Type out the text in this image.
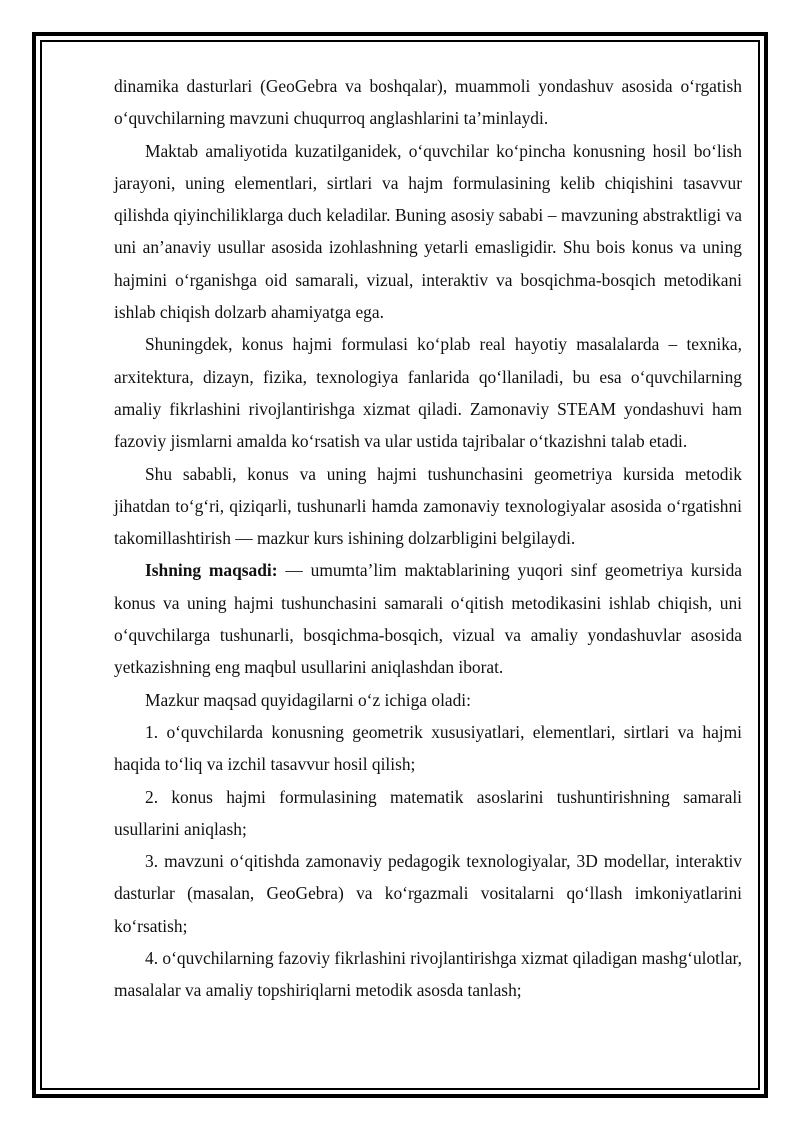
dinamika dasturlari (GeoGebra va boshqalar), muammoli yondashuv asosida o‘rgatish o‘quvchilarning mavzuni chuqurroq anglashlarini ta’minlaydi.

Maktab amaliyotida kuzatilganidek, o‘quvchilar ko‘pincha konusning hosil bo‘lish jarayoni, uning elementlari, sirtlari va hajm formulasining kelib chiqishini tasavvur qilishda qiyinchiliklarga duch keladilar. Buning asosiy sababi – mavzuning abstraktligi va uni an’anaviy usullar asosida izohlashning yetarli emasligidir. Shu bois konus va uning hajmini o‘rganishga oid samarali, vizual, interaktiv va bosqichma-bosqich metodikani ishlab chiqish dolzarb ahamiyatga ega.

Shuningdek, konus hajmi formulasi ko‘plab real hayotiy masalalarda – texnika, arxitektura, dizayn, fizika, texnologiya fanlarida qo‘llaniladi, bu esa o‘quvchilarning amaliy fikrlashini rivojlantirishga xizmat qiladi. Zamonaviy STEAM yondashuvi ham fazoviy jismlarni amalda ko‘rsatish va ular ustida tajribalar o‘tkazishni talab etadi.

Shu sababli, konus va uning hajmi tushunchasini geometriya kursida metodik jihatdan to‘g‘ri, qiziqarli, tushunarli hamda zamonaviy texnologiyalar asosida o‘rgatishni takomillashtirish — mazkur kurs ishining dolzarbligini belgilaydi.

Ishning maqsadi: — umumta’lim maktablarining yuqori sinf geometriya kursida konus va uning hajmi tushunchasini samarali o‘qitish metodikasini ishlab chiqish, uni o‘quvchilarga tushunarli, bosqichma-bosqich, vizual va amaliy yondashuvlar asosida yetkazishning eng maqbul usullarini aniqlashdan iborat.

Mazkur maqsad quyidagilarni o‘z ichiga oladi:

1. o‘quvchilarda konusning geometrik xususiyatlari, elementlari, sirtlari va hajmi haqida to‘liq va izchil tasavvur hosil qilish;

2. konus hajmi formulasining matematik asoslarini tushuntirishning samarali usullarini aniqlash;

3. mavzuni o‘qitishda zamonaviy pedagogik texnologiyalar, 3D modellar, interaktiv dasturlar (masalan, GeoGebra) va ko‘rgazmali vositalarni qo‘llash imkoniyatlarini ko‘rsatish;

4. o‘quvchilarning fazoviy fikrlashini rivojlantirishga xizmat qiladigan mashg‘ulotlar, masalalar va amaliy topshiriqlarni metodik asosda tanlash;
